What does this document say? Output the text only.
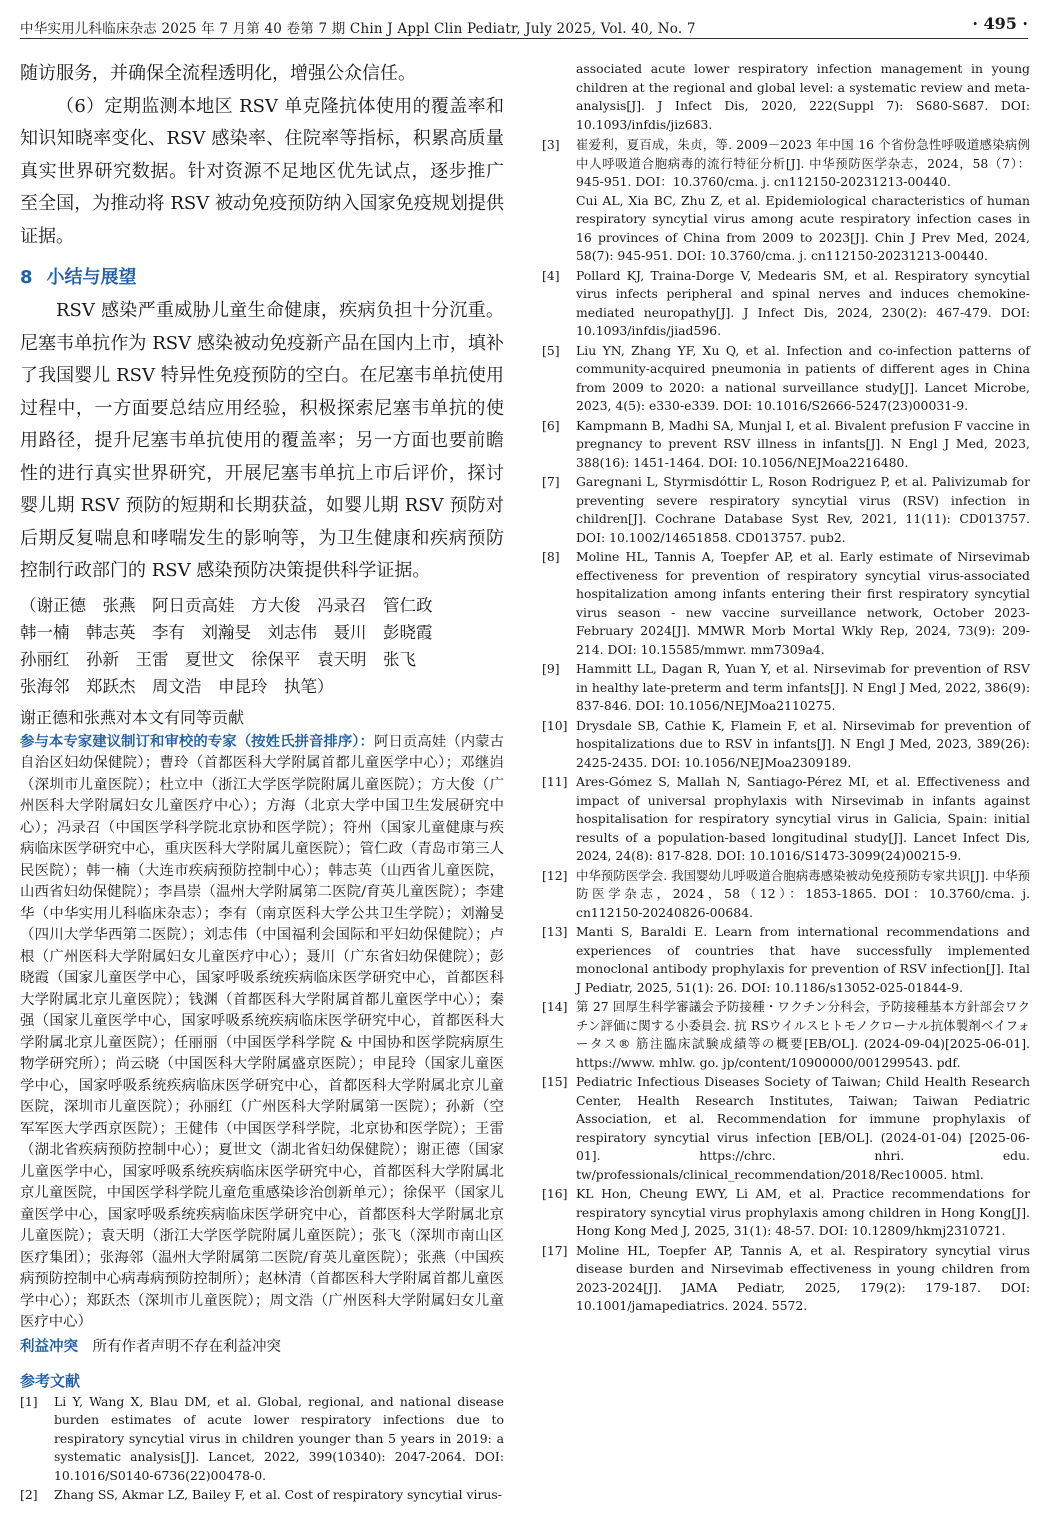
中华实用儿科临床杂志 2025 年 7 月第 40 卷第 7 期 Chin J Appl Clin Pediatr, July 2025, Vol. 40, No. 7	· 495 ·

随访服务，并确保全流程透明化，增强公众信任。

（6）定期监测本地区 RSV 单克隆抗体使用的覆盖率和知识知晓率变化、RSV 感染率、住院率等指标，积累高质量真实世界研究数据。针对资源不足地区优先试点，逐步推广至全国，为推动将 RSV 被动免疫预防纳入国家免疫规划提供证据。

8 小结与展望

RSV 感染严重威胁儿童生命健康，疾病负担十分沉重。尼塞韦单抗作为 RSV 感染被动免疫新产品在国内上市，填补了我国婴儿 RSV 特异性免疫预防的空白。在尼塞韦单抗使用过程中，一方面要总结应用经验，积极探索尼塞韦单抗的使用路径，提升尼塞韦单抗使用的覆盖率；另一方面也要前瞻性的进行真实世界研究，开展尼塞韦单抗上市后评价，探讨婴儿期 RSV 预防的短期和长期获益，如婴儿期 RSV 预防对后期反复喘息和哮喘发生的影响等，为卫生健康和疾病预防控制行政部门的 RSV 感染预防决策提供科学证据。

（谢正德　张燕　阿日贡高娃　方大俊　冯录召　管仁政
韩一楠　韩志英　李有　刘瀚旻　刘志伟　聂川　彭晓霞
孙丽红　孙新　王雷　夏世文　徐保平　袁天明　张飞
张海邻　郑跃杰　周文浩　申昆玲　执笔）

谢正德和张燕对本文有同等贡献

参与本专家建议制订和审校的专家（按姓氏拼音排序）：阿日贡高娃（内蒙古自治区妇幼保健院）；曹玲（首都医科大学附属首都儿童医学中心）；邓继岿（深圳市儿童医院）；杜立中（浙江大学医学院附属儿童医院）；方大俊（广州医科大学附属妇女儿童医疗中心）；方海（北京大学中国卫生发展研究中心）；冯录召（中国医学科学院北京协和医学院）；符州（国家儿童健康与疾病临床医学研究中心，重庆医科大学附属儿童医院）；管仁政（青岛市第三人民医院）；韩一楠（大连市疾病预防控制中心）；韩志英（山西省儿童医院，山西省妇幼保健院）；李昌崇（温州大学附属第二医院/育英儿童医院）；李建华（中华实用儿科临床杂志）；李有（南京医科大学公共卫生学院）；刘瀚旻（四川大学华西第二医院）；刘志伟（中国福利会国际和平妇幼保健院）；卢根（广州医科大学附属妇女儿童医疗中心）；聂川（广东省妇幼保健院）；彭晓霞（国家儿童医学中心，国家呼吸系统疾病临床医学研究中心，首都医科大学附属北京儿童医院）；钱渊（首都医科大学附属首都儿童医学中心）；秦强（国家儿童医学中心，国家呼吸系统疾病临床医学研究中心，首都医科大学附属北京儿童医院）；任丽丽（中国医学科学院 & 中国协和医学院病原生物学研究所）；尚云晓（中国医科大学附属盛京医院）；申昆玲（国家儿童医学中心，国家呼吸系统疾病临床医学研究中心，首都医科大学附属北京儿童医院，深圳市儿童医院）；孙丽红（广州医科大学附属第一医院）；孙新（空军军医大学西京医院）；王健伟（中国医学科学院，北京协和医学院）；王雷（湖北省疾病预防控制中心）；夏世文（湖北省妇幼保健院）；谢正德（国家儿童医学中心，国家呼吸系统疾病临床医学研究中心，首都医科大学附属北京儿童医院，中国医学科学院儿童危重感染诊治创新单元）；徐保平（国家儿童医学中心，国家呼吸系统疾病临床医学研究中心，首都医科大学附属北京儿童医院）；袁天明（浙江大学医学院附属儿童医院）；张飞（深圳市南山区医疗集团）；张海邻（温州大学附属第二医院/育英儿童医院）；张燕（中国疾病预防控制中心病毒病预防控制所）；赵林清（首都医科大学附属首都儿童医学中心）；郑跃杰（深圳市儿童医院）；周文浩（广州医科大学附属妇女儿童医疗中心）

利益冲突　 所有作者声明不存在利益冲突

参考文献
[1]	Li Y, Wang X, Blau DM, et al. Global, regional, and national disease burden estimates of acute lower respiratory infections due to respiratory syncytial virus in children younger than 5 years in 2019: a systematic analysis[J]. Lancet, 2022, 399(10340): 2047-2064. DOI: 10.1016/S0140-6736(22)00478-0.
[2]	Zhang SS, Akmar LZ, Bailey F, et al. Cost of respiratory syncytial virus-

associated acute lower respiratory infection management in young children at the regional and global level: a systematic review and meta-analysis[J]. J Infect Dis, 2020, 222(Suppl 7): S680-S687. DOI: 10.1093/infdis/jiz683.

[3]	崔爱利，夏百成，朱贞，等. 2009－2023 年中国 16 个省份急性呼吸道感染病例中人呼吸道合胞病毒的流行特征分析[J]. 中华预防医学杂志，2024，58（7）：945-951. DOI：10.3760/cma. j. cn112150-20231213-00440.
Cui AL, Xia BC, Zhu Z, et al. Epidemiological characteristics of human respiratory syncytial virus among acute respiratory infection cases in 16 provinces of China from 2009 to 2023[J]. Chin J Prev Med, 2024, 58(7): 945-951. DOI: 10.3760/cma. j. cn112150-20231213-00440.
[4]	Pollard KJ, Traina-Dorge V, Medearis SM, et al. Respiratory syncytial virus infects peripheral and spinal nerves and induces chemokine-mediated neuropathy[J]. J Infect Dis, 2024, 230(2): 467-479. DOI: 10.1093/infdis/jiad596.
[5]	Liu YN, Zhang YF, Xu Q, et al. Infection and co-infection patterns of community-acquired pneumonia in patients of different ages in China from 2009 to 2020: a national surveillance study[J]. Lancet Microbe, 2023, 4(5): e330-e339. DOI: 10.1016/S2666-5247(23)00031-9.
[6]	Kampmann B, Madhi SA, Munjal I, et al. Bivalent prefusion F vaccine in pregnancy to prevent RSV illness in infants[J]. N Engl J Med, 2023, 388(16): 1451-1464. DOI: 10.1056/NEJMoa2216480.
[7]	Garegnani L, Styrmisdóttir L, Roson Rodriguez P, et al. Palivizumab for preventing severe respiratory syncytial virus (RSV) infection in children[J]. Cochrane Database Syst Rev, 2021, 11(11): CD013757. DOI: 10.1002/14651858. CD013757. pub2.
[8]	Moline HL, Tannis A, Toepfer AP, et al. Early estimate of Nirsevimab effectiveness for prevention of respiratory syncytial virus-associated hospitalization among infants entering their first respiratory syncytial virus season - new vaccine surveillance network, October 2023-February 2024[J]. MMWR Morb Mortal Wkly Rep, 2024, 73(9): 209-214. DOI: 10.15585/mmwr. mm7309a4.
[9]	Hammitt LL, Dagan R, Yuan Y, et al. Nirsevimab for prevention of RSV in healthy late-preterm and term infants[J]. N Engl J Med, 2022, 386(9): 837-846. DOI: 10.1056/NEJMoa2110275.
[10] Drysdale SB, Cathie K, Flamein F, et al. Nirsevimab for prevention of hospitalizations due to RSV in infants[J]. N Engl J Med, 2023, 389(26): 2425-2435. DOI: 10.1056/NEJMoa2309189.
[11] Ares-Gómez S, Mallah N, Santiago-Pérez MI, et al. Effectiveness and impact of universal prophylaxis with Nirsevimab in infants against hospitalisation for respiratory syncytial virus in Galicia, Spain: initial results of a population-based longitudinal study[J]. Lancet Infect Dis, 2024, 24(8): 817-828. DOI: 10.1016/S1473-3099(24)00215-9.
[12] 中华预防医学会. 我国婴幼儿呼吸道合胞病毒感染被动免疫预防专家共识[J]. 中华预防医学杂志，2024，58（12）：1853-1865. DOI：10.3760/cma. j. cn112150-20240826-00684.
[13] Manti S, Baraldi E. Learn from international recommendations and experiences of countries that have successfully implemented monoclonal antibody prophylaxis for prevention of RSV infection[J]. Ital J Pediatr, 2025, 51(1): 26. DOI: 10.1186/s13052-025-01844-9.
[14] 第 27 回厚生科学審議会予防接種・ワクチン分科会，予防接種基本方針部会ワクチン評価に関する小委員会. 抗 RSウイルスヒトモノクローナル抗体製剤ベイフォータス® 筋注臨床試験成績等の概要[EB/OL]. (2024-09-04)[2025-06-01]. https://www. mhlw. go. jp/content/10900000/001299543. pdf.
[15] Pediatric Infectious Diseases Society of Taiwan; Child Health Research Center, Health Research Institutes, Taiwan; Taiwan Pediatric Association, et al. Recommendation for immune prophylaxis of respiratory syncytial virus infection [EB/OL]. (2024-01-04) [2025-06-01]. https://chrc. nhri. edu. tw/professionals/clinical_recommendation/2018/Rec10005. html.
[16] KL Hon, Cheung EWY, Li AM, et al. Practice recommendations for respiratory syncytial virus prophylaxis among children in Hong Kong[J]. Hong Kong Med J, 2025, 31(1): 48-57. DOI: 10.12809/hkmj2310721.
[17] Moline HL, Toepfer AP, Tannis A, et al. Respiratory syncytial virus disease burden and Nirsevimab effectiveness in young children from 2023-2024[J]. JAMA Pediatr, 2025, 179(2): 179-187. DOI: 10.1001/jamapediatrics. 2024. 5572.
